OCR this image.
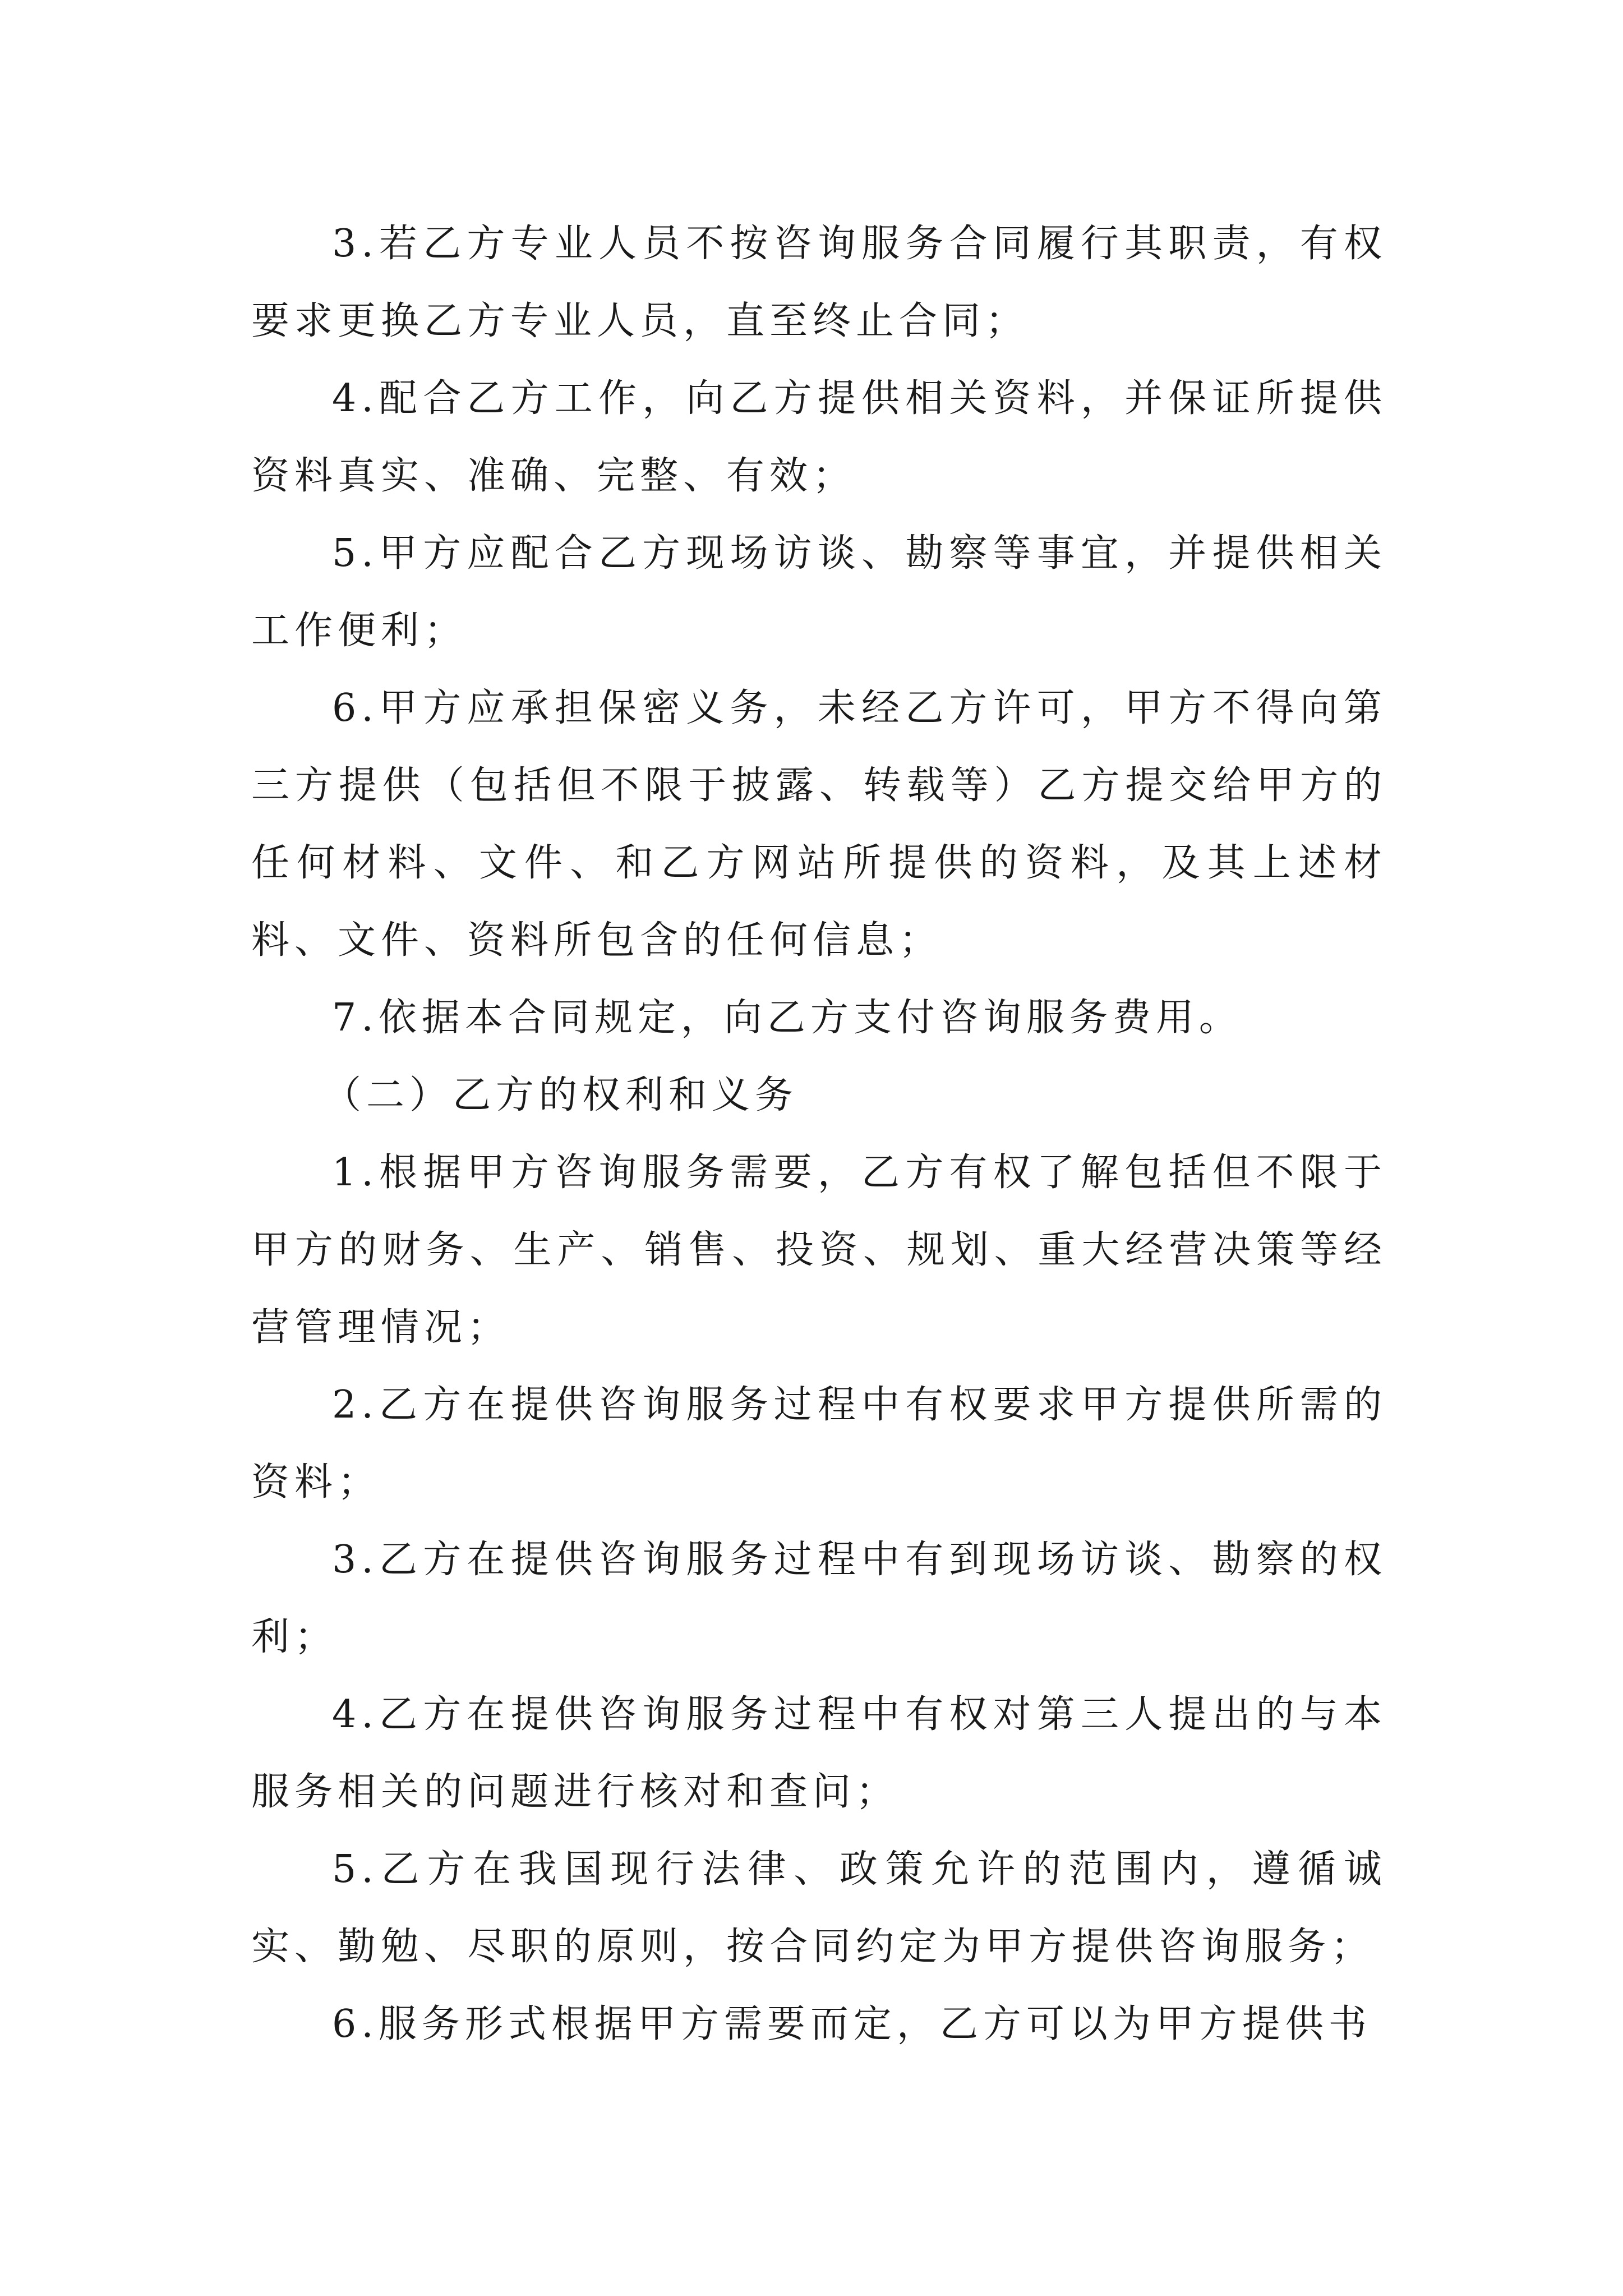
3.若乙方专业人员不按咨询服务合同履行其职责，有权要求更换乙方专业人员，直至终止合同；

4.配合乙方工作，向乙方提供相关资料，并保证所提供资料真实、准确、完整、有效；

5.甲方应配合乙方现场访谈、勘察等事宜，并提供相关工作便利；

6.甲方应承担保密义务，未经乙方许可，甲方不得向第三方提供（包括但不限于披露、转载等）乙方提交给甲方的任何材料、文件、和乙方网站所提供的资料，及其上述材料、文件、资料所包含的任何信息；

7.依据本合同规定，向乙方支付咨询服务费用。

（二）乙方的权利和义务

1.根据甲方咨询服务需要，乙方有权了解包括但不限于甲方的财务、生产、销售、投资、规划、重大经营决策等经营管理情况；

2.乙方在提供咨询服务过程中有权要求甲方提供所需的资料；

3.乙方在提供咨询服务过程中有到现场访谈、勘察的权利；

4.乙方在提供咨询服务过程中有权对第三人提出的与本服务相关的问题进行核对和查问；

5.乙方在我国现行法律、政策允许的范围内，遵循诚实、勤勉、尽职的原则，按合同约定为甲方提供咨询服务；

6.服务形式根据甲方需要而定，乙方可以为甲方提供书
